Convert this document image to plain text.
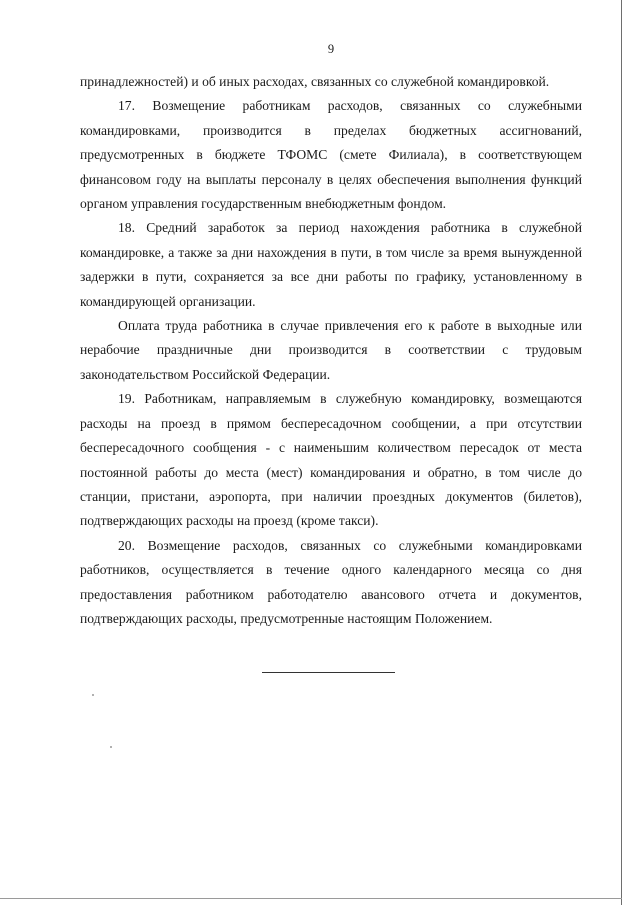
9

принадлежностей) и об иных расходах, связанных со служебной командировкой.

17. Возмещение работникам расходов, связанных со служебными командировками, производится в пределах бюджетных ассигнований, предусмотренных в бюджете ТФОМС (смете Филиала), в соответствующем финансовом году на выплаты персоналу в целях обеспечения выполнения функций органом управления государственным внебюджетным фондом.

18. Средний заработок за период нахождения работника в служебной командировке, а также за дни нахождения в пути, в том числе за время вынужденной задержки в пути, сохраняется за все дни работы по графику, установленному в командирующей организации.

Оплата труда работника в случае привлечения его к работе в выходные или нерабочие праздничные дни производится в соответствии с трудовым законодательством Российской Федерации.

19. Работникам, направляемым в служебную командировку, возмещаются расходы на проезд в прямом беспересадочном сообщении, а при отсутствии беспересадочного сообщения - с наименьшим количеством пересадок от места постоянной работы до места (мест) командирования и обратно, в том числе до станции, пристани, аэропорта, при наличии проездных документов (билетов), подтверждающих расходы на проезд (кроме такси).

20. Возмещение расходов, связанных со служебными командировками работников, осуществляется в течение одного календарного месяца со дня предоставления работником работодателю авансового отчета и документов, подтверждающих расходы, предусмотренные настоящим Положением.
